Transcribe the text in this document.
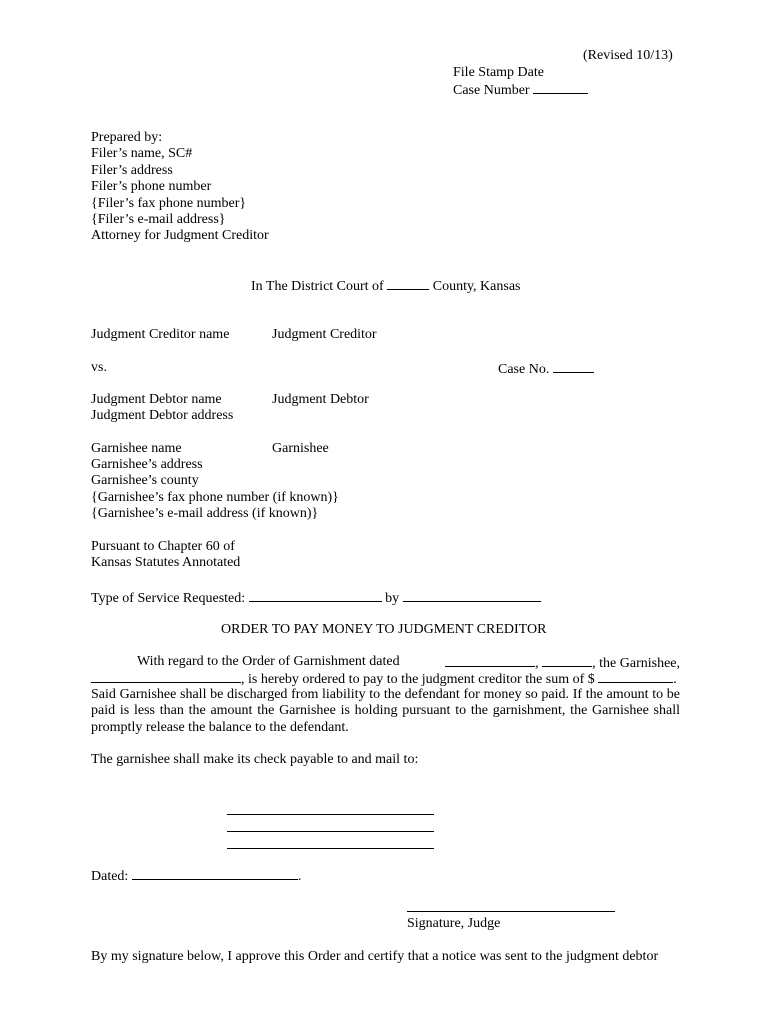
(Revised 10/13)
File Stamp Date
Case Number
Prepared by:
Filer’s name, SC#
Filer’s address
Filer’s phone number
{Filer’s fax phone number}
{Filer’s e-mail address}
Attorney for Judgment Creditor
In The District Court of	County, Kansas
Judgment Creditor name	Judgment Creditor
vs.	Case No.
Judgment Debtor name	Judgment Debtor
Judgment Debtor address
Garnishee name	Garnishee
Garnishee’s address
Garnishee’s county
{Garnishee’s fax phone number (if known)}
{Garnishee’s e-mail address (if known)}
Pursuant to Chapter 60 of
Kansas Statutes Annotated
Type of Service Requested:	by
ORDER TO PAY MONEY TO JUDGMENT CREDITOR
With regard to the Order of Garnishment dated	,	, the Garnishee,
, is hereby ordered to pay to the judgment creditor the sum of $	.
Said Garnishee shall be discharged from liability to the defendant for money so paid. If the amount to be paid is less than the amount the Garnishee is holding pursuant to the garnishment, the Garnishee shall promptly release the balance to the defendant.
The garnishee shall make its check payable to and mail to:
Dated:	.
Signature, Judge
By my signature below, I approve this Order and certify that a notice was sent to the judgment debtor
